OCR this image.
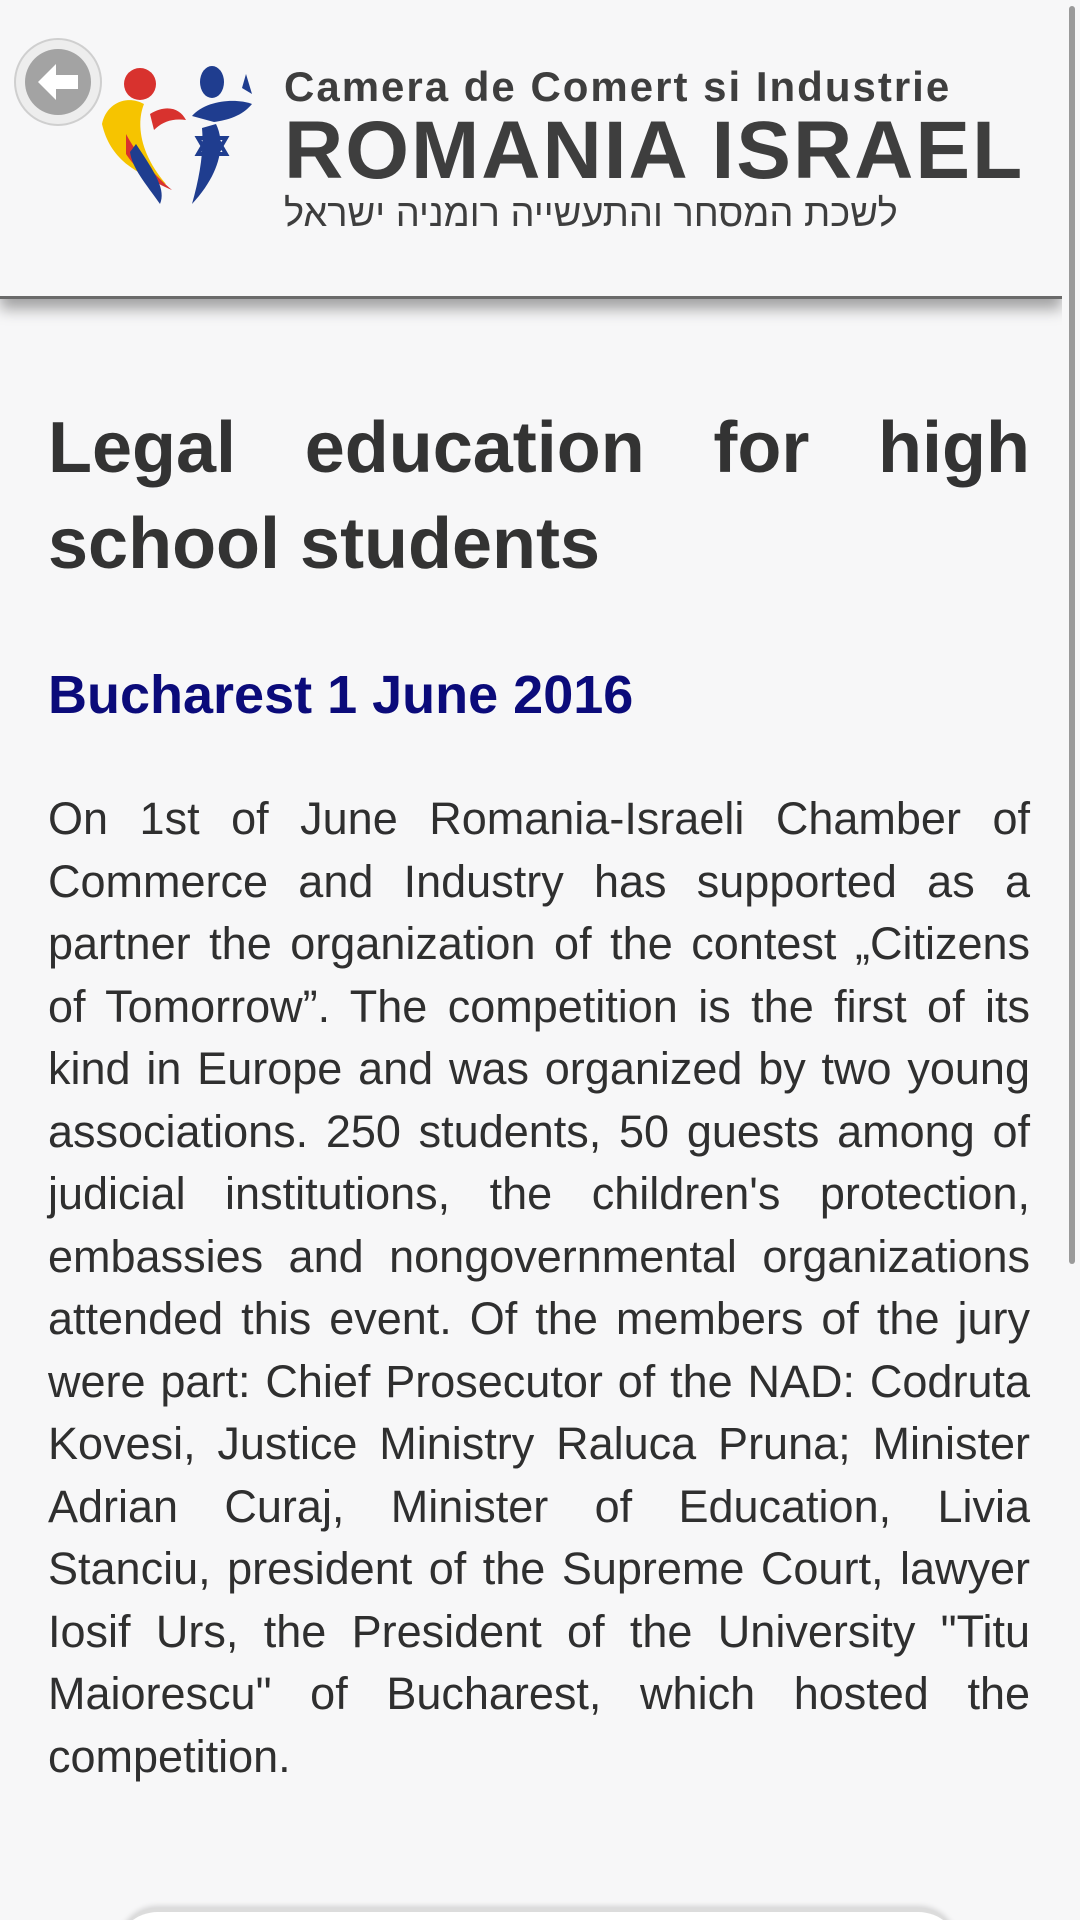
Camera de Comert si Industrie
ROMANIA ISRAEL
לשכת המסחר והתעשייה רומניה ישראל
Legal education for high school students
Bucharest 1 June 2016

On 1st of June Romania-Israeli Chamber of Commerce and Industry has supported as a partner the organization of the contest „Citizens of Tomorrow”. The competition is the first of its kind in Europe and was organized by two young associations. 250 students, 50 guests among of judicial institutions, the children's protection, embassies and nongovernmental organizations attended this event. Of the members of the jury were part: Chief Prosecutor of the NAD: Codruta Kovesi, Justice Ministry Raluca Pruna; Minister Adrian Curaj, Minister of Education, Livia Stanciu, president of the Supreme Court, lawyer Iosif Urs, the President of the University "Titu Maiorescu" of Bucharest, which hosted the competition.
